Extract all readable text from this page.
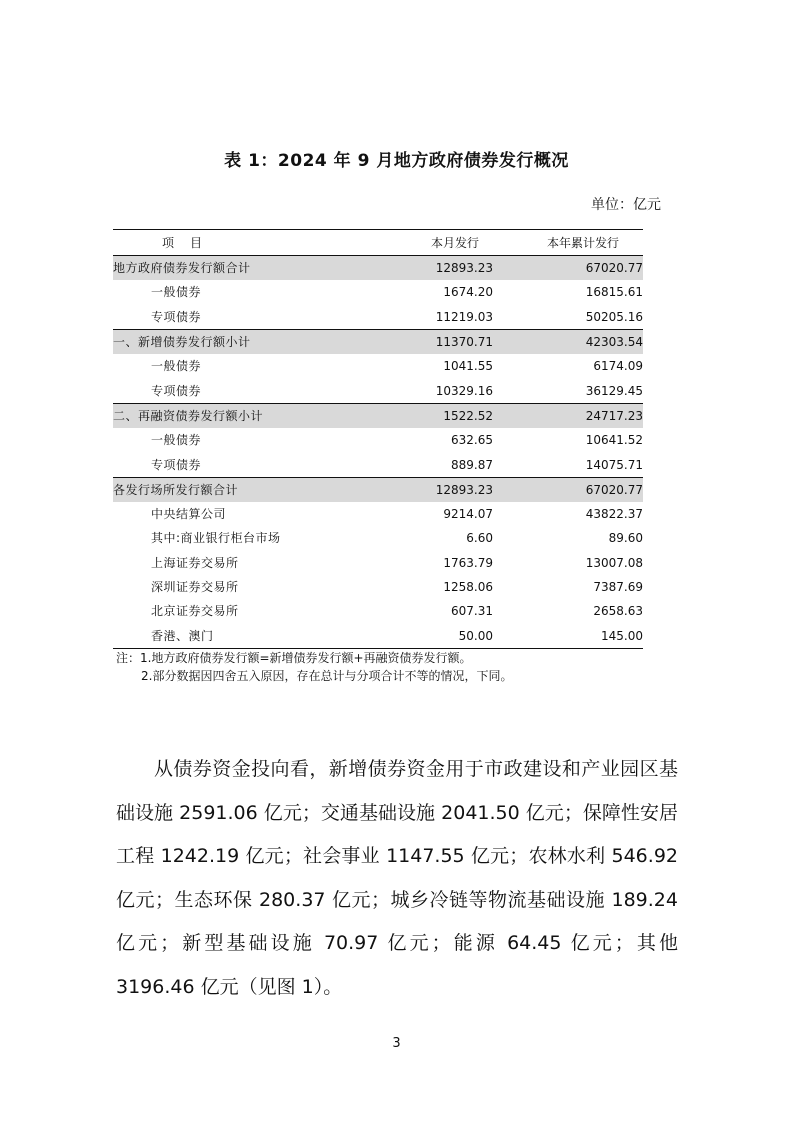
表 1：2024 年 9 月地方政府债券发行概况
单位：亿元
项　目	本月发行	本年累计发行
地方政府债券发行额合计	12893.23	67020.77
一般债券	1674.20	16815.61
专项债券	11219.03	50205.16
一、新增债券发行额小计	11370.71	42303.54
一般债券	1041.55	6174.09
专项债券	10329.16	36129.45
二、再融资债券发行额小计	1522.52	24717.23
一般债券	632.65	10641.52
专项债券	889.87	14075.71
各发行场所发行额合计	12893.23	67020.77
中央结算公司	9214.07	43822.37
其中:商业银行柜台市场	6.60	89.60
上海证券交易所	1763.79	13007.08
深圳证券交易所	1258.06	7387.69
北京证券交易所	607.31	2658.63
香港、澳门	50.00	145.00
注：1.地方政府债券发行额=新增债券发行额+再融资债券发行额。
2.部分数据因四舍五入原因，存在总计与分项合计不等的情况，下同。
从债券资金投向看，新增债券资金用于市政建设和产业园区基础设施 2591.06 亿元；交通基础设施 2041.50 亿元；保障性安居工程 1242.19 亿元；社会事业 1147.55 亿元；农林水利 546.92 亿元；生态环保 280.37 亿元；城乡冷链等物流基础设施 189.24 亿元；新型基础设施 70.97 亿元；能源 64.45 亿元；其他 3196.46 亿元（见图 1）。
3
